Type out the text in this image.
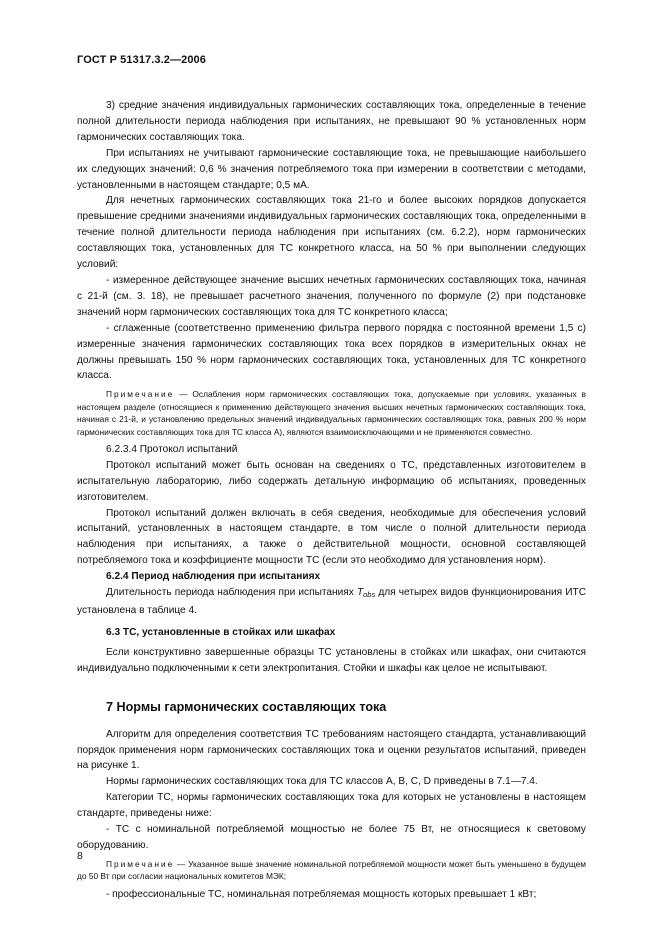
ГОСТ Р 51317.3.2—2006

3) средние значения индивидуальных гармонических составляющих тока, определенные в течение полной длительности периода наблюдения при испытаниях, не превышают 90 % установленных норм гармонических составляющих тока.

При испытаниях не учитывают гармонические составляющие тока, не превышающие наибольшего их следующих значений: 0,6 % значения потребляемого тока при измерении в соответствии с методами, установленными в настоящем стандарте; 0,5 мА.

Для нечетных гармонических составляющих тока 21-го и более высоких порядков допускается превышение средними значениями индивидуальных гармонических составляющих тока, определенными в течение полной длительности периода наблюдения при испытаниях (см. 6.2.2), норм гармонических составляющих тока, установленных для ТС конкретного класса, на 50 % при выполнении следующих условий:

- измеренное действующее значение высших нечетных гармонических составляющих тока, начиная с 21-й (см. 3. 18), не превышает расчетного значения, полученного по формуле (2) при подстановке значений норм гармонических составляющих тока для ТС конкретного класса;

- сглаженные (соответственно применению фильтра первого порядка с постоянной времени 1,5 с) измеренные значения гармонических составляющих тока всех порядков в измерительных окнах не должны превышать 150 % норм гармонических составляющих тока, установленных для ТС конкретного класса.

Примечание — Ослабления норм гармонических составляющих тока, допускаемые при условиях, указанных в настоящем разделе (относящиеся к применению действующего значения высших нечетных гармонических составляющих тока, начиная с 21-й, и установлению предельных значений индивидуальных гармонических составляющих тока, равных 200 % норм гармонических составляющих тока для ТС класса А), являются взаимоисключающими и не применяются совместно.

6.2.3.4 Протокол испытаний

Протокол испытаний может быть основан на сведениях о ТС, представленных изготовителем в испытательную лабораторию, либо содержать детальную информацию об испытаниях, проведенных изготовителем.

Протокол испытаний должен включать в себя сведения, необходимые для обеспечения условий испытаний, установленных в настоящем стандарте, в том числе о полной длительности периода наблюдения при испытаниях, а также о действительной мощности, основной составляющей потребляемого тока и коэффициенте мощности ТС (если это необходимо для установления норм).

6.2.4 Период наблюдения при испытаниях

Длительность периода наблюдения при испытаниях $T_{obs}$ для четырех видов функционирования ИТС установлена в таблице 4.

6.3 ТС, установленные в стойках или шкафах

Если конструктивно завершенные образцы ТС установлены в стойках или шкафах, они считаются индивидуально подключенными к сети электропитания. Стойки и шкафы как целое не испытывают.

7 Нормы гармонических составляющих тока

Алгоритм для определения соответствия ТС требованиям настоящего стандарта, устанавливающий порядок применения норм гармонических составляющих тока и оценки результатов испытаний, приведен на рисунке 1.

Нормы гармонических составляющих тока для ТС классов A, B, C, D приведены в 7.1—7.4.

Категории ТС, нормы гармонических составляющих тока для которых не установлены в настоящем стандарте, приведены ниже:

- ТС с номинальной потребляемой мощностью не более 75 Вт, не относящиеся к световому оборудованию.

Примечание — Указанное выше значение номинальной потребляемой мощности может быть уменьшено в будущем до 50 Вт при согласии национальных комитетов МЭК;

- профессиональные ТС, номинальная потребляемая мощность которых превышает 1 кВт;

8
